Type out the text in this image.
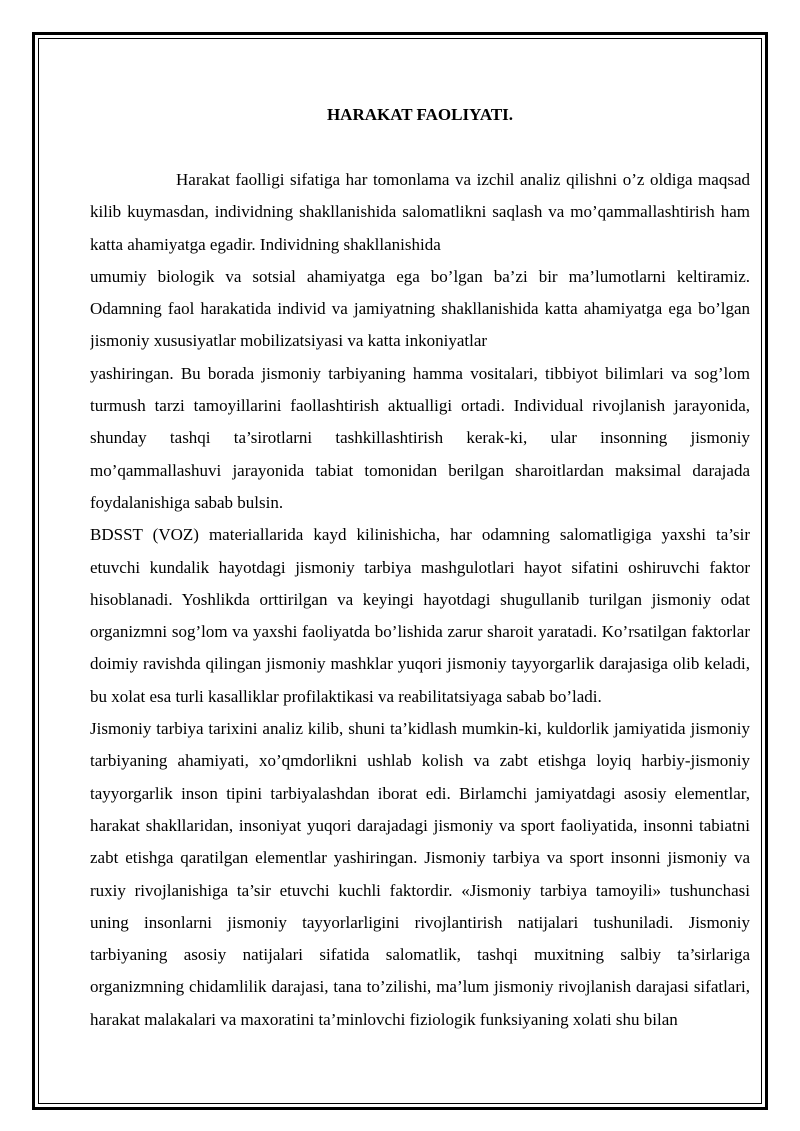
HARAKAT FAOLIYATI.

Harakat faolligi sifatiga har tomonlama va izchil analiz qilishni o’z oldiga maqsad kilib kuymasdan, individning shakllanishida salomatlikni saqlash va mo’qammallashtirish ham katta ahamiyatga egadir. Individning shakllanishida

umumiy biologik va sotsial ahamiyatga ega bo’lgan ba’zi bir ma’lumotlarni keltiramiz. Odamning faol harakatida individ va jamiyatning shakllanishida katta ahamiyatga ega bo’lgan jismoniy xususiyatlar mobilizatsiyasi va katta inkoniyatlar

yashiringan. Bu borada jismoniy tarbiyaning hamma vositalari, tibbiyot bilimlari va sog’lom turmush tarzi tamoyillarini faollashtirish aktualligi ortadi. Individual rivojlanish jarayonida, shunday tashqi ta’sirotlarni tashkillashtirish kerak-ki, ular insonning jismoniy mo’qammallashuvi jarayonida tabiat tomonidan berilgan sharoitlardan maksimal darajada foydalanishiga sabab bulsin.

BDSST (VOZ) materiallarida kayd kilinishicha, har odamning salomatligiga yaxshi ta’sir etuvchi kundalik hayotdagi jismoniy tarbiya mashgulotlari hayot sifatini oshiruvchi faktor hisoblanadi. Yoshlikda orttirilgan va keyingi hayotdagi shugullanib turilgan jismoniy odat organizmni sog’lom va yaxshi faoliyatda bo’lishida zarur sharoit yaratadi. Ko’rsatilgan faktorlar doimiy ravishda qilingan jismoniy mashklar yuqori jismoniy tayyorgarlik darajasiga olib keladi, bu xolat esa turli kasalliklar profilaktikasi va reabilitatsiyaga sabab bo’ladi.

Jismoniy tarbiya tarixini analiz kilib, shuni ta’kidlash mumkin-ki, kuldorlik jamiyatida jismoniy tarbiyaning ahamiyati, xo’qmdorlikni ushlab kolish va zabt etishga loyiq harbiy-jismoniy tayyorgarlik inson tipini tarbiyalashdan iborat edi. Birlamchi jamiyatdagi asosiy elementlar, harakat shakllaridan, insoniyat yuqori darajadagi jismoniy va sport faoliyatida, insonni tabiatni zabt etishga qaratilgan elementlar yashiringan. Jismoniy tarbiya va sport insonni jismoniy va ruxiy rivojlanishiga ta’sir etuvchi kuchli faktordir. «Jismoniy tarbiya tamoyili» tushunchasi uning insonlarni jismoniy tayyorlarligini rivojlantirish natijalari tushuniladi. Jismoniy tarbiyaning asosiy natijalari sifatida salomatlik, tashqi muxitning salbiy ta’sirlariga organizmning chidamlilik darajasi, tana to’zilishi, ma’lum jismoniy rivojlanish darajasi sifatlari, harakat malakalari va maxoratini ta’minlovchi fiziologik funksiyaning xolati shu bilan
